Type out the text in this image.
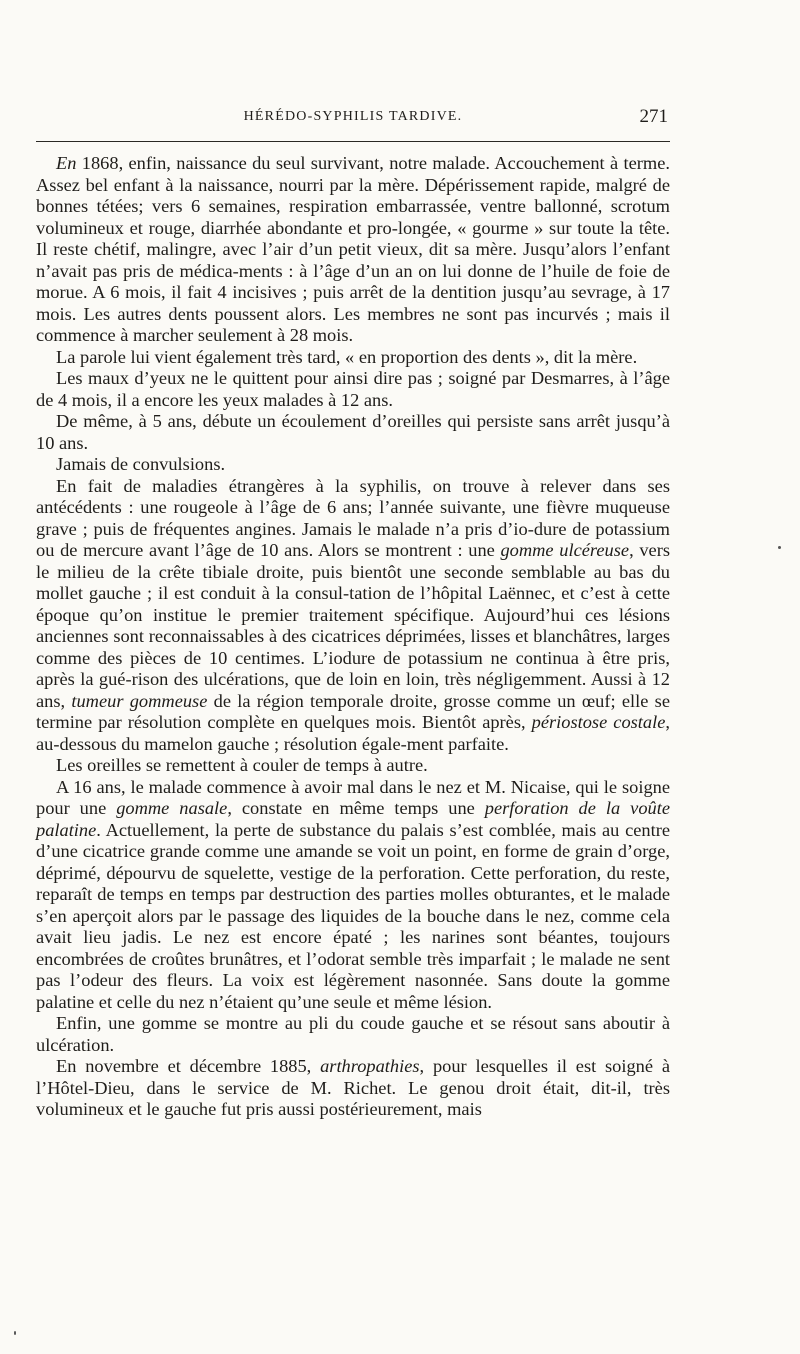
HÉRÉDO-SYPHILIS TARDIVE.	271

En 1868, enfin, naissance du seul survivant, notre malade. Accouchement à terme. Assez bel enfant à la naissance, nourri par la mère. Dépérissement rapide, malgré de bonnes tétées; vers 6 semaines, respiration embarrassée, ventre ballonné, scrotum volumineux et rouge, diarrhée abondante et pro-longée, « gourme » sur toute la tête. Il reste chétif, malingre, avec l’air d’un petit vieux, dit sa mère. Jusqu’alors l’enfant n’avait pas pris de médica-ments : à l’âge d’un an on lui donne de l’huile de foie de morue. A 6 mois, il fait 4 incisives ; puis arrêt de la dentition jusqu’au sevrage, à 17 mois. Les autres dents poussent alors. Les membres ne sont pas incurvés ; mais il commence à marcher seulement à 28 mois.

La parole lui vient également très tard, « en proportion des dents », dit la mère.

Les maux d’yeux ne le quittent pour ainsi dire pas ; soigné par Desmarres, à l’âge de 4 mois, il a encore les yeux malades à 12 ans.

De même, à 5 ans, débute un écoulement d’oreilles qui persiste sans arrêt jusqu’à 10 ans.

Jamais de convulsions.

En fait de maladies étrangères à la syphilis, on trouve à relever dans ses antécédents : une rougeole à l’âge de 6 ans; l’année suivante, une fièvre muqueuse grave ; puis de fréquentes angines. Jamais le malade n’a pris d’io-dure de potassium ou de mercure avant l’âge de 10 ans. Alors se montrent : une gomme ulcéreuse, vers le milieu de la crête tibiale droite, puis bientôt une seconde semblable au bas du mollet gauche ; il est conduit à la consul-tation de l’hôpital Laënnec, et c’est à cette époque qu’on institue le premier traitement spécifique. Aujourd’hui ces lésions anciennes sont reconnaissables à des cicatrices déprimées, lisses et blanchâtres, larges comme des pièces de 10 centimes. L’iodure de potassium ne continua à être pris, après la gué-rison des ulcérations, que de loin en loin, très négligemment. Aussi à 12 ans, tumeur gommeuse de la région temporale droite, grosse comme un œuf; elle se termine par résolution complète en quelques mois. Bientôt après, périostose costale, au-dessous du mamelon gauche ; résolution égale-ment parfaite.

Les oreilles se remettent à couler de temps à autre.

A 16 ans, le malade commence à avoir mal dans le nez et M. Nicaise, qui le soigne pour une gomme nasale, constate en même temps une perforation de la voûte palatine. Actuellement, la perte de substance du palais s’est comblée, mais au centre d’une cicatrice grande comme une amande se voit un point, en forme de grain d’orge, déprimé, dépourvu de squelette, vestige de la perforation. Cette perforation, du reste, reparaît de temps en temps par destruction des parties molles obturantes, et le malade s’en aperçoit alors par le passage des liquides de la bouche dans le nez, comme cela avait lieu jadis. Le nez est encore épaté ; les narines sont béantes, toujours encombrées de croûtes brunâtres, et l’odorat semble très imparfait ; le malade ne sent pas l’odeur des fleurs. La voix est légèrement nasonnée. Sans doute la gomme palatine et celle du nez n’étaient qu’une seule et même lésion.

Enfin, une gomme se montre au pli du coude gauche et se résout sans aboutir à ulcération.

En novembre et décembre 1885, arthropathies, pour lesquelles il est soigné à l’Hôtel-Dieu, dans le service de M. Richet. Le genou droit était, dit-il, très volumineux et le gauche fut pris aussi postérieurement, mais
